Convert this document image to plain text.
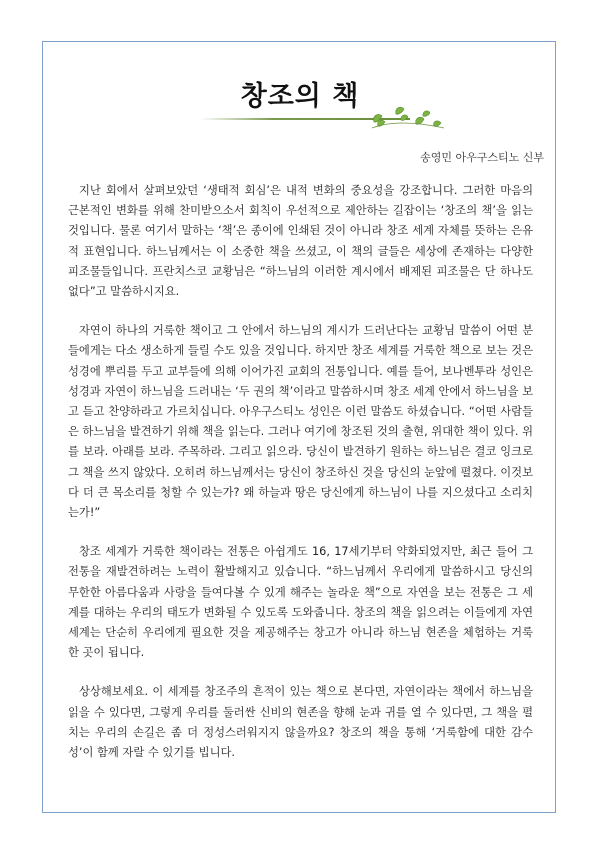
창조의 책

송영민 아우구스티노 신부

지난 회에서 살펴보았던 ‘생태적 회심’은 내적 변화의 중요성을 강조합니다. 그러한 마음의 근본적인 변화를 위해 찬미받으소서 회칙이 우선적으로 제안하는 길잡이는 ‘창조의 책’을 읽는 것입니다. 물론 여기서 말하는 ‘책’은 종이에 인쇄된 것이 아니라 창조 세계 자체를 뜻하는 은유적 표현입니다. 하느님께서는 이 소중한 책을 쓰셨고, 이 책의 글들은 세상에 존재하는 다양한 피조물들입니다. 프란치스코 교황님은 “하느님의 이러한 계시에서 배제된 피조물은 단 하나도 없다”고 말씀하시지요.

자연이 하나의 거룩한 책이고 그 안에서 하느님의 계시가 드러난다는 교황님 말씀이 어떤 분들에게는 다소 생소하게 들릴 수도 있을 것입니다. 하지만 창조 세계를 거룩한 책으로 보는 것은 성경에 뿌리를 두고 교부들에 의해 이어가진 교회의 전통입니다. 예를 들어, 보나벤투라 성인은 성경과 자연이 하느님을 드러내는 ‘두 권의 책’이라고 말씀하시며 창조 세계 안에서 하느님을 보고 듣고 찬양하라고 가르치십니다. 아우구스티노 성인은 이런 말씀도 하셨습니다. “어떤 사람들은 하느님을 발견하기 위해 책을 읽는다. 그러나 여기에 창조된 것의 출현, 위대한 책이 있다. 위를 보라. 아래를 보라. 주목하라. 그리고 읽으라. 당신이 발견하기 원하는 하느님은 결코 잉크로 그 책을 쓰지 않았다. 오히려 하느님께서는 당신이 창조하신 것을 당신의 눈앞에 펼쳤다. 이것보다 더 큰 목소리를 청할 수 있는가? 왜 하늘과 땅은 당신에게 하느님이 나를 지으셨다고 소리치는가!”

창조 세계가 거룩한 책이라는 전통은 아쉽게도 16, 17세기부터 약화되었지만, 최근 들어 그 전통을 재발견하려는 노력이 활발해지고 있습니다. “하느님께서 우리에게 말씀하시고 당신의 무한한 아름다움과 사랑을 들여다볼 수 있게 해주는 놀라운 책”으로 자연을 보는 전통은 그 세계를 대하는 우리의 태도가 변화될 수 있도록 도와줍니다. 창조의 책을 읽으려는 이들에게 자연 세계는 단순히 우리에게 필요한 것을 제공해주는 창고가 아니라 하느님 현존을 체험하는 거룩한 곳이 됩니다.

상상해보세요. 이 세계를 창조주의 흔적이 있는 책으로 본다면, 자연이라는 책에서 하느님을 읽을 수 있다면, 그렇게 우리를 둘러싼 신비의 현존을 향해 눈과 귀를 열 수 있다면, 그 책을 펼치는 우리의 손길은 좀 더 정성스러워지지 않을까요? 창조의 책을 통해 ‘거룩함에 대한 감수성’이 함께 자랄 수 있기를 빕니다.
